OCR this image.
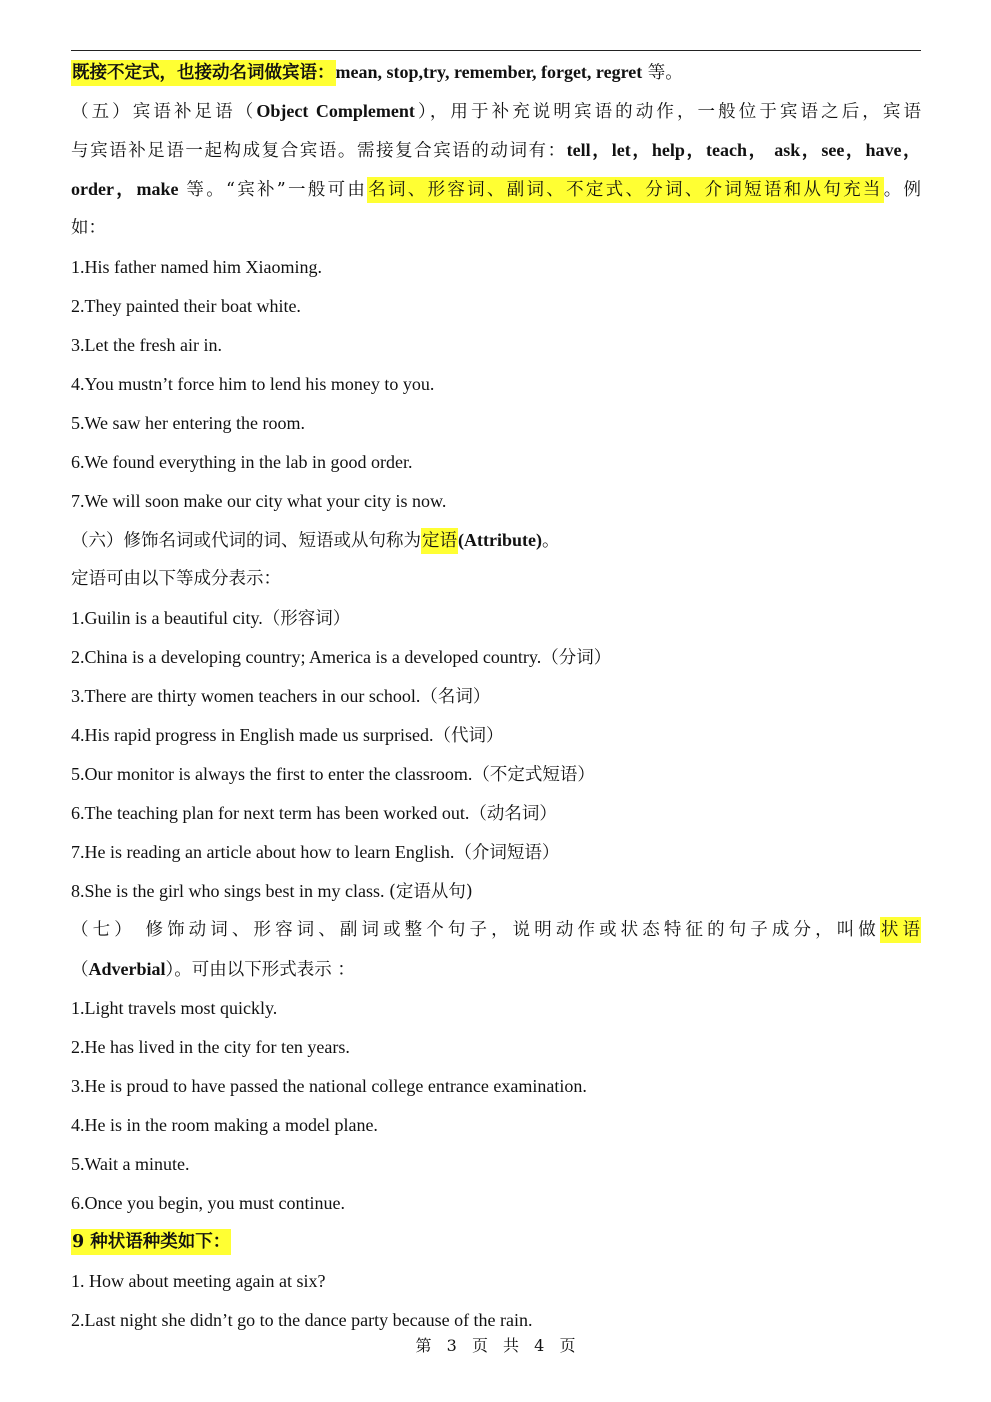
既接不定式，也接动名词做宾语：mean, stop,try, remember, forget, regret 等。
（五）宾语补足语（Object Complement），用于补充说明宾语的动作，一般位于宾语之后，宾语
与宾语补足语一起构成复合宾语。需接复合宾语的动词有：tell，let，help，teach， ask，see，have，
order，make 等。“宾补”一般可由名词、形容词、副词、不定式、分词、介词短语和从句充当。例
如：
1.His father named him Xiaoming.
2.They painted their boat white.
3.Let the fresh air in.
4.You mustn’t force him to lend his money to you.
5.We saw her entering the room.
6.We found everything in the lab in good order.
7.We will soon make our city what your city is now.
（六）修饰名词或代词的词、短语或从句称为定语(Attribute)。
定语可由以下等成分表示：
1.Guilin is a beautiful city.（形容词）
2.China is a developing country; America is a developed country.（分词）
3.There are thirty women teachers in our school.（名词）
4.His rapid progress in English made us surprised.（代词）
5.Our monitor is always the first to enter the classroom.（不定式短语）
6.The teaching plan for next term has been worked out.（动名词）
7.He is reading an article about how to learn English.（介词短语）
8.She is the girl who sings best in my class. (定语从句)
（七） 修饰动词、形容词、副词或整个句子，说明动作或状态特征的句子成分，叫做状语
（Adverbial）。可由以下形式表示 ：
1.Light travels most quickly.
2.He has lived in the city for ten years.
3.He is proud to have passed the national college entrance examination.
4.He is in the room making a model plane.
5.Wait a minute.
6.Once you begin, you must continue.
9 种状语种类如下：
1. How about meeting again at six?
2.Last night she didn’t go to the dance party because of the rain.
第 3 页 共 4 页
